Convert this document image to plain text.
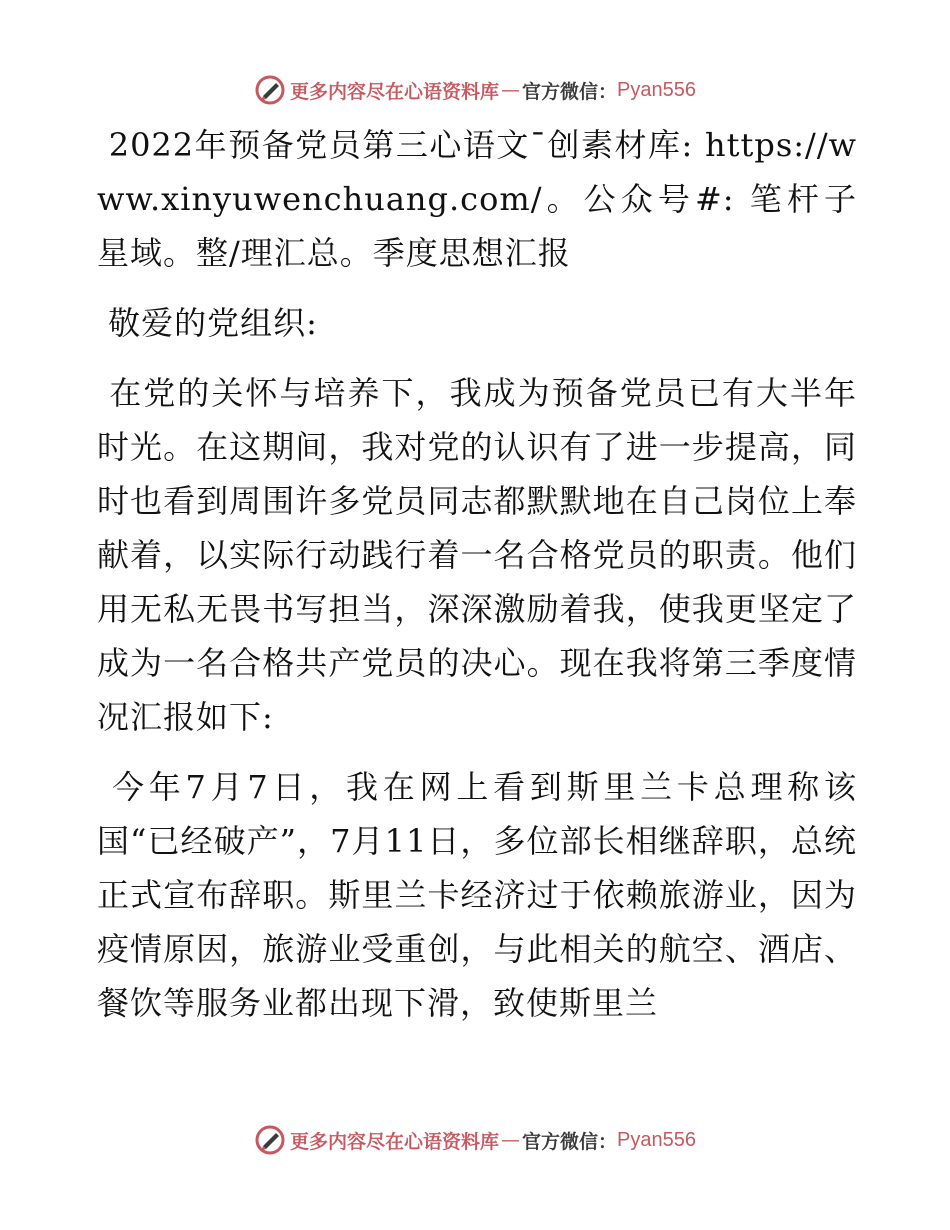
更多内容尽在心语资料库 — 官方微信： Pyan556

2022年预备党员第三心语文¯创素材库: https://www.xinyuwenchuang.com/。公众号#: 笔杆子星域。整/理汇总。季度思想汇报

敬爱的党组织:

在党的关怀与培养下，我成为预备党员已有大半年时光。在这期间，我对党的认识有了进一步提高，同时也看到周围许多党员同志都默默地在自己岗位上奉献着，以实际行动践行着一名合格党员的职责。他们用无私无畏书写担当，深深激励着我，使我更坚定了成为一名合格共产党员的决心。现在我将第三季度情况汇报如下:

今年7月7日，我在网上看到斯里兰卡总理称该国“已经破产”，7月11日，多位部长相继辞职，总统正式宣布辞职。斯里兰卡经济过于依赖旅游业，因为疫情原因，旅游业受重创，与此相关的航空、酒店、餐饮等服务业都出现下滑，致使斯里兰

更多内容尽在心语资料库 — 官方微信： Pyan556
